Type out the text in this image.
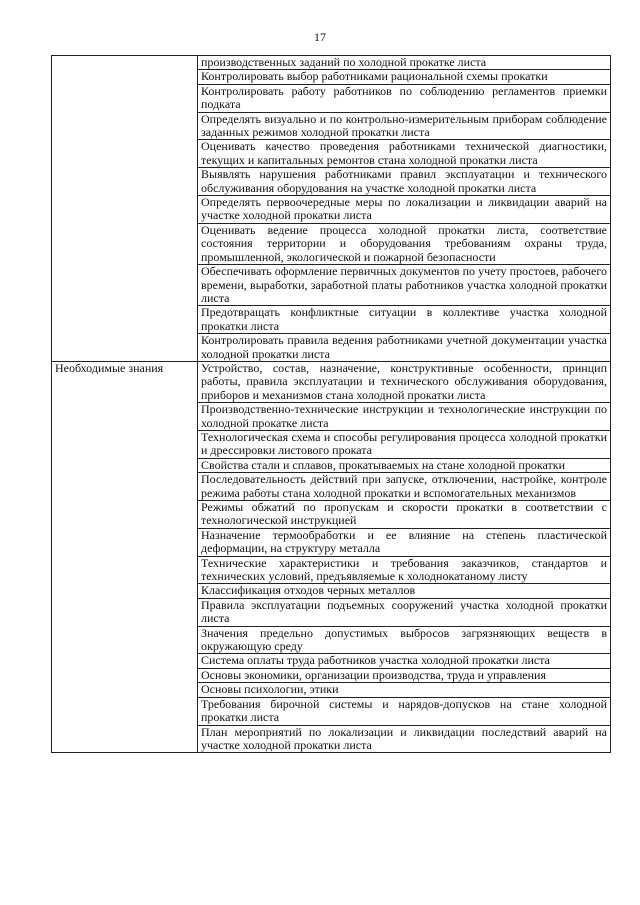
17
	производственных заданий по холодной прокатке листа
	Контролировать выбор работниками рациональной схемы прокатки
	Контролировать работу работников по соблюдению регламентов приемки подката
	Определять визуально и по контрольно-измерительным приборам соблюдение заданных режимов холодной прокатки листа
	Оценивать качество проведения работниками технической диагностики, текущих и капитальных ремонтов стана холодной прокатки листа
	Выявлять нарушения работниками правил эксплуатации и технического обслуживания оборудования на участке холодной прокатки листа
	Определять первоочередные меры по локализации и ликвидации аварий на участке холодной прокатки листа
	Оценивать ведение процесса холодной прокатки листа, соответствие состояния территории и оборудования требованиям охраны труда, промышленной, экологической и пожарной безопасности
	Обеспечивать оформление первичных документов по учету простоев, рабочего времени, выработки, заработной платы работников участка холодной прокатки листа
	Предотвращать конфликтные ситуации в коллективе участка холодной прокатки листа
	Контролировать правила ведения работниками учетной документации участка холодной прокатки листа
Необходимые знания	Устройство, состав, назначение, конструктивные особенности, принцип работы, правила эксплуатации и технического обслуживания оборудования, приборов и механизмов стана холодной прокатки листа
	Производственно-технические инструкции и технологические инструкции по холодной прокатке листа
	Технологическая схема и способы регулирования процесса холодной прокатки и дрессировки листового проката
	Свойства стали и сплавов, прокатываемых на стане холодной прокатки
	Последовательность действий при запуске, отключении, настройке, контроле режима работы стана холодной прокатки и вспомогательных механизмов
	Режимы обжатий по пропускам и скорости прокатки в соответствии с технологической инструкцией
	Назначение термообработки и ее влияние на степень пластической деформации, на структуру металла
	Технические характеристики и требования заказчиков, стандартов и технических условий, предъявляемые к холоднокатаному листу
	Классификация отходов черных металлов
	Правила эксплуатации подъемных сооружений участка холодной прокатки листа
	Значения предельно допустимых выбросов загрязняющих веществ в окружающую среду
	Система оплаты труда работников участка холодной прокатки листа
	Основы экономики, организации производства, труда и управления
	Основы психологии, этики
	Требования бирочной системы и нарядов-допусков на стане холодной прокатки листа
	План мероприятий по локализации и ликвидации последствий аварий на участке холодной прокатки листа
